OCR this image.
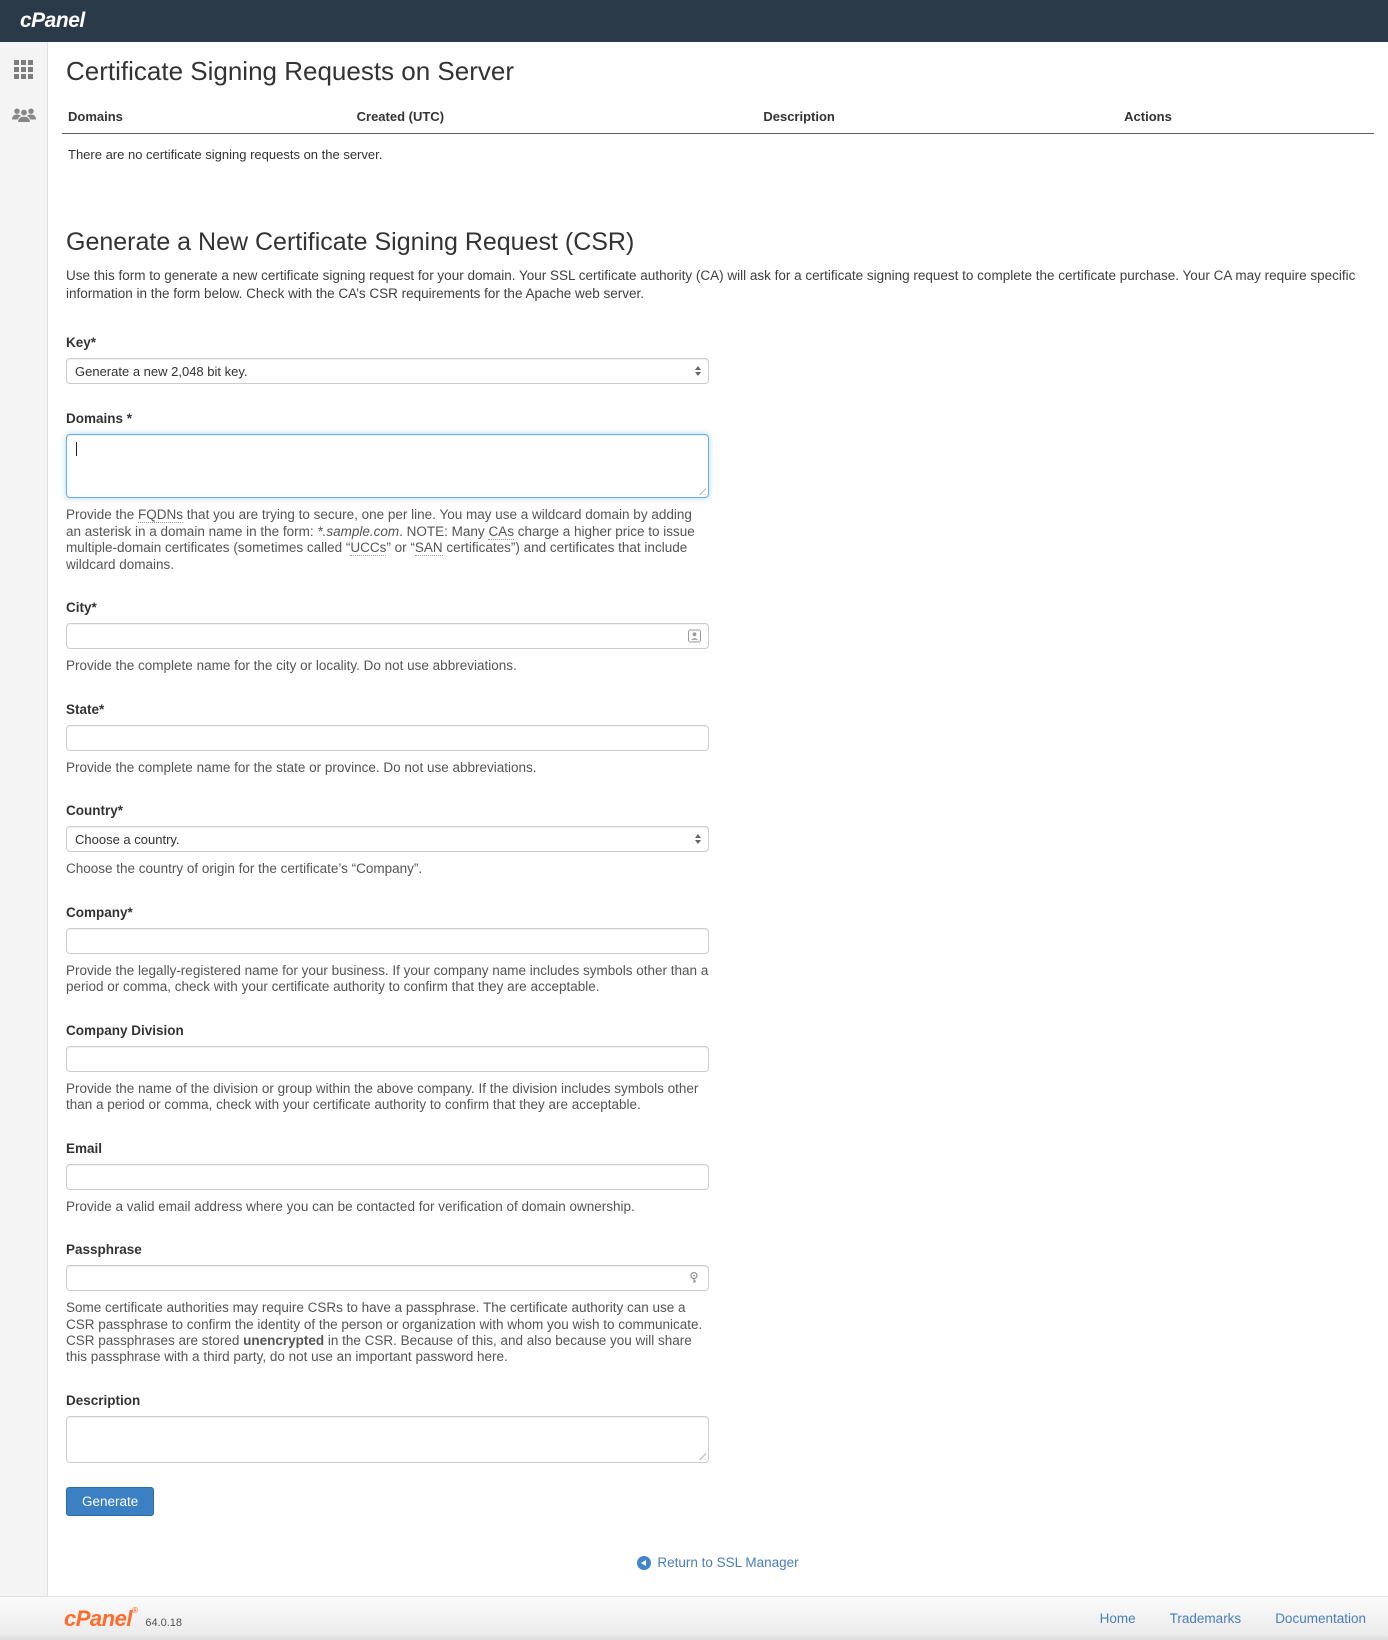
cPanel
Certificate Signing Requests on Server
Domains	Created (UTC)	Description	Actions
There are no certificate signing requests on the server.
Generate a New Certificate Signing Request (CSR)

Use this form to generate a new certificate signing request for your domain. Your SSL certificate authority (CA) will ask for a certificate signing request to complete the certificate purchase. Your CA may require specific information in the form below. Check with the CA’s CSR requirements for the Apache web server.

Key*
Generate a new 2,048 bit key.
Domains *

Provide the FQDNs that you are trying to secure, one per line. You may use a wildcard domain by adding an asterisk in a domain name in the form: *.sample.com. NOTE: Many CAs charge a higher price to issue multiple-domain certificates (sometimes called “UCCs” or “SAN certificates”) and certificates that include wildcard domains.

City*

Provide the complete name for the city or locality. Do not use abbreviations.

State*

Provide the complete name for the state or province. Do not use abbreviations.

Country*
Choose a country.

Choose the country of origin for the certificate’s “Company”.

Company*

Provide the legally-registered name for your business. If your company name includes symbols other than a period or comma, check with your certificate authority to confirm that they are acceptable.

Company Division

Provide the name of the division or group within the above company. If the division includes symbols other than a period or comma, check with your certificate authority to confirm that they are acceptable.

Email

Provide a valid email address where you can be contacted for verification of domain ownership.

Passphrase

Some certificate authorities may require CSRs to have a passphrase. The certificate authority can use a CSR passphrase to confirm the identity of the person or organization with whom you wish to communicate. CSR passphrases are stored unencrypted in the CSR. Because of this, and also because you will share this passphrase with a third party, do not use an important password here.

Description
Generate
Return to SSL Manager
cPanel®
64.0.18	Home	Trademarks	Documentation
